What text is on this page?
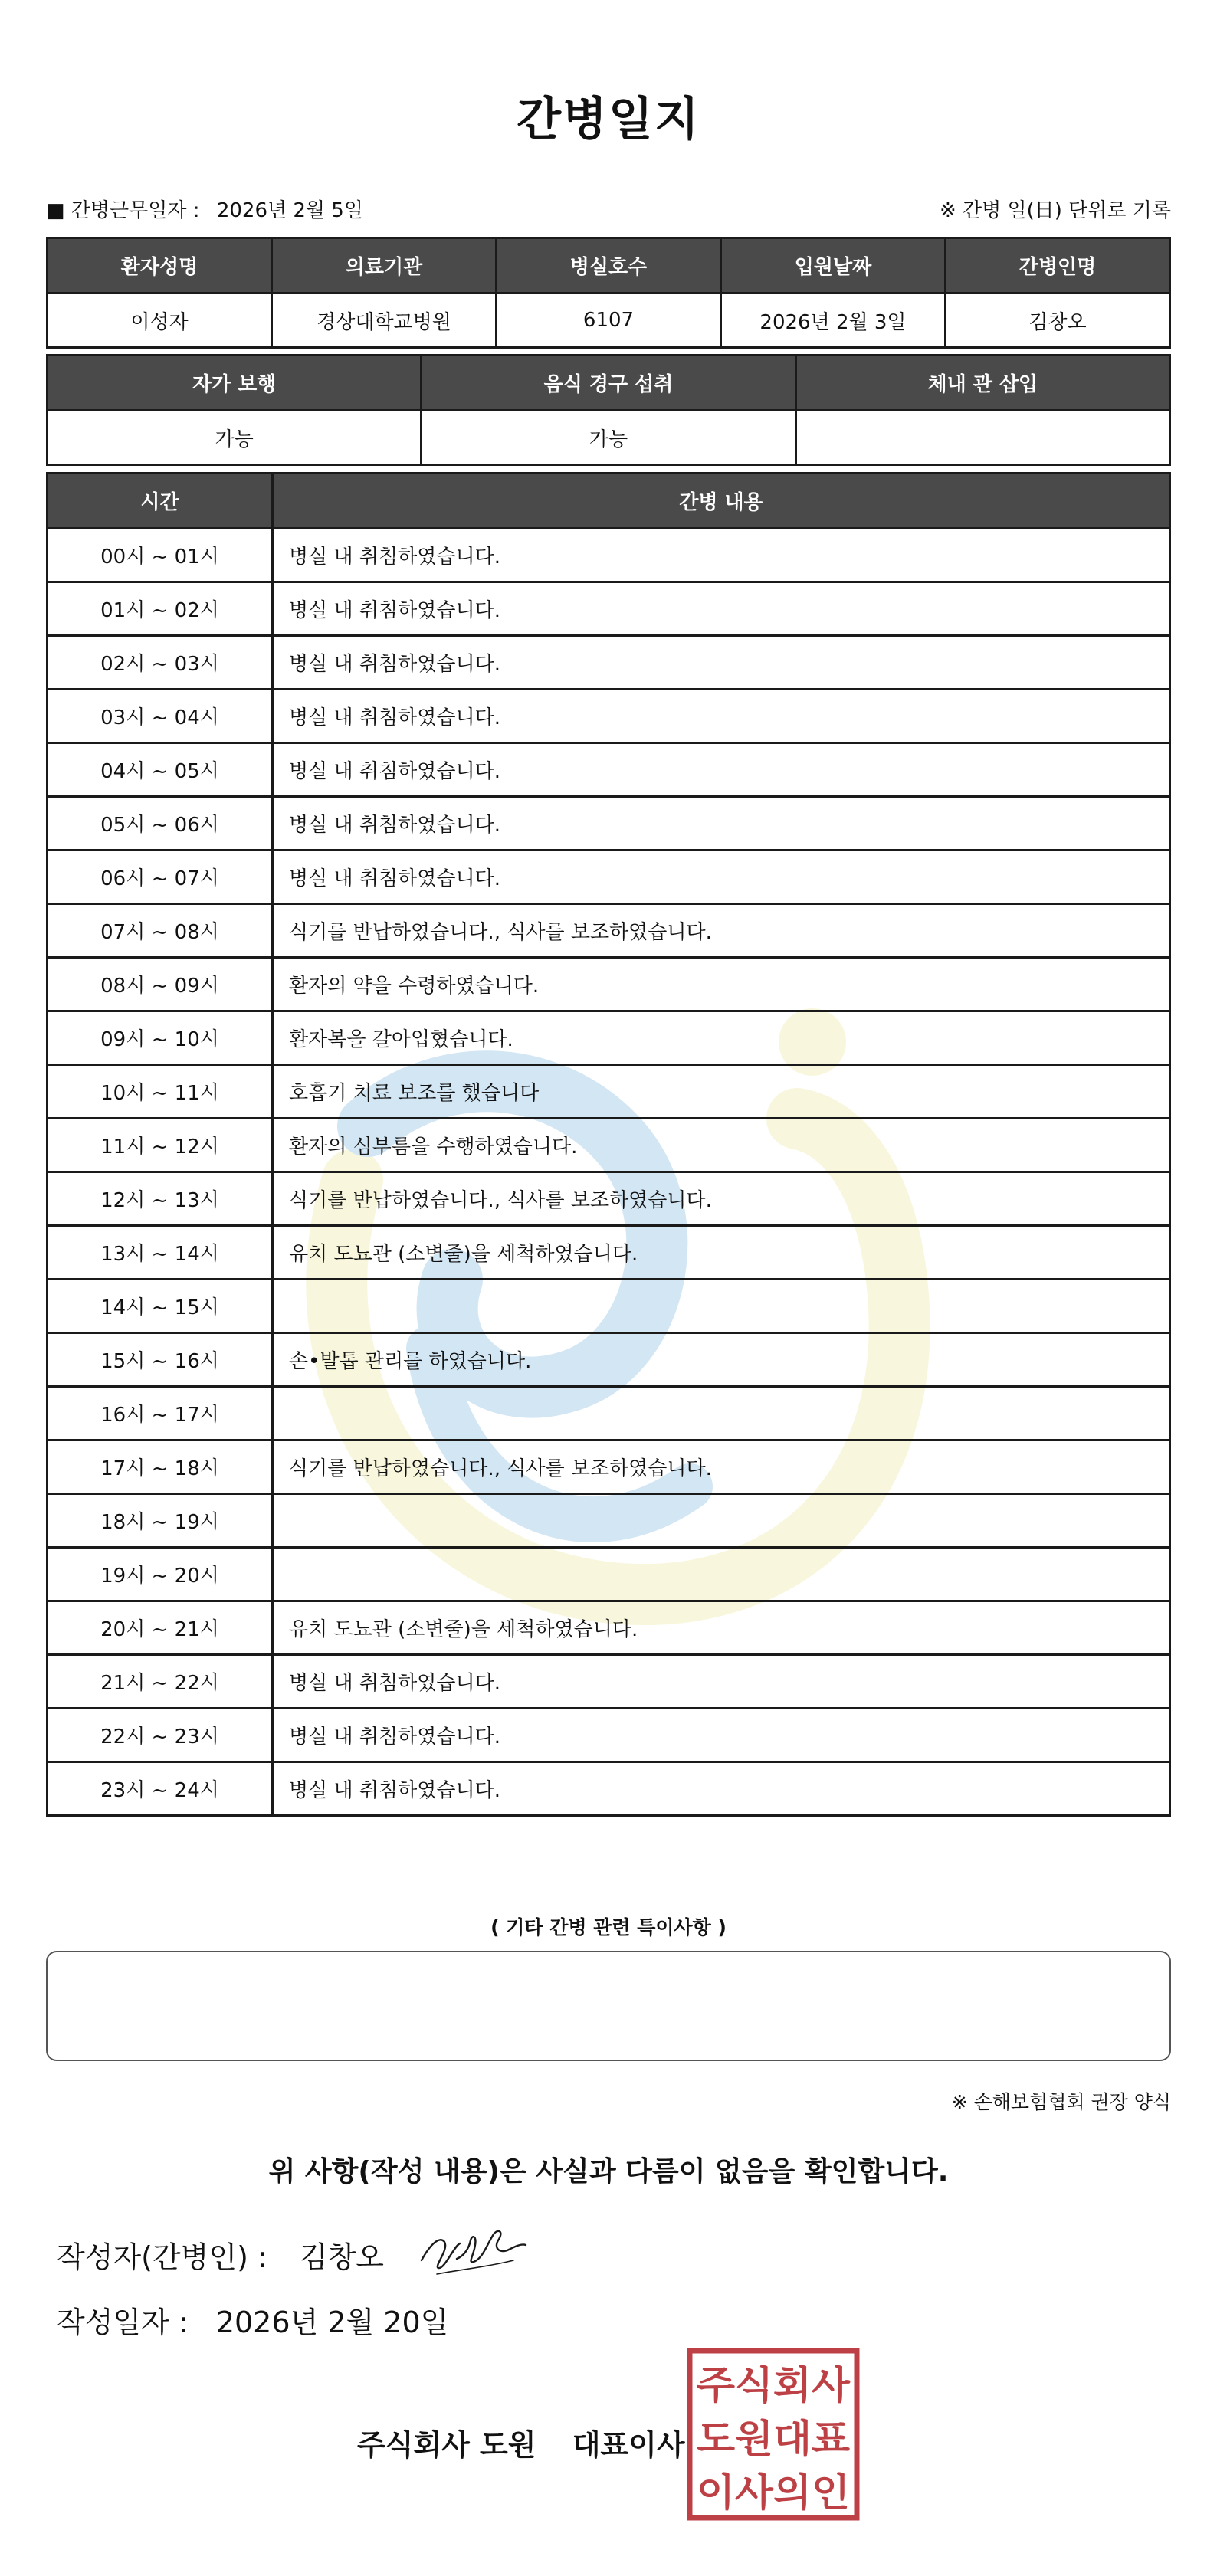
간병일지
■ 간병근무일자 : 2026년 2월 5일	※ 간병 일(日) 단위로 기록
환자성명	의료기관	병실호수	입원날짜	간병인명
이성자	경상대학교병원	6107	2026년 2월 3일	김창오
자가 보행	음식 경구 섭취	체내 관 삽입
가능	가능	
시간	간병 내용
00시 ~ 01시	병실 내 취침하였습니다.
01시 ~ 02시	병실 내 취침하였습니다.
02시 ~ 03시	병실 내 취침하였습니다.
03시 ~ 04시	병실 내 취침하였습니다.
04시 ~ 05시	병실 내 취침하였습니다.
05시 ~ 06시	병실 내 취침하였습니다.
06시 ~ 07시	병실 내 취침하였습니다.
07시 ~ 08시	식기를 반납하였습니다., 식사를 보조하였습니다.
08시 ~ 09시	환자의 약을 수령하였습니다.
09시 ~ 10시	환자복을 갈아입혔습니다.
10시 ~ 11시	호흡기 치료 보조를 했습니다
11시 ~ 12시	환자의 심부름을 수행하였습니다.
12시 ~ 13시	식기를 반납하였습니다., 식사를 보조하였습니다.
13시 ~ 14시	유치 도뇨관 (소변줄)을 세척하였습니다.
14시 ~ 15시	
15시 ~ 16시	손•발톱 관리를 하였습니다.
16시 ~ 17시	
17시 ~ 18시	식기를 반납하였습니다., 식사를 보조하였습니다.
18시 ~ 19시	
19시 ~ 20시	
20시 ~ 21시	유치 도뇨관 (소변줄)을 세척하였습니다.
21시 ~ 22시	병실 내 취침하였습니다.
22시 ~ 23시	병실 내 취침하였습니다.
23시 ~ 24시	병실 내 취침하였습니다.
( 기타 간병 관련 특이사항 )
※ 손해보험협회 권장 양식
위 사항(작성 내용)은 사실과 다름이 없음을 확인합니다.
작성자(간병인) : 김창오
작성일자 : 2026년 2월 20일
주식회사 도원 대표이사
주식회사
도원대표
이사의인
